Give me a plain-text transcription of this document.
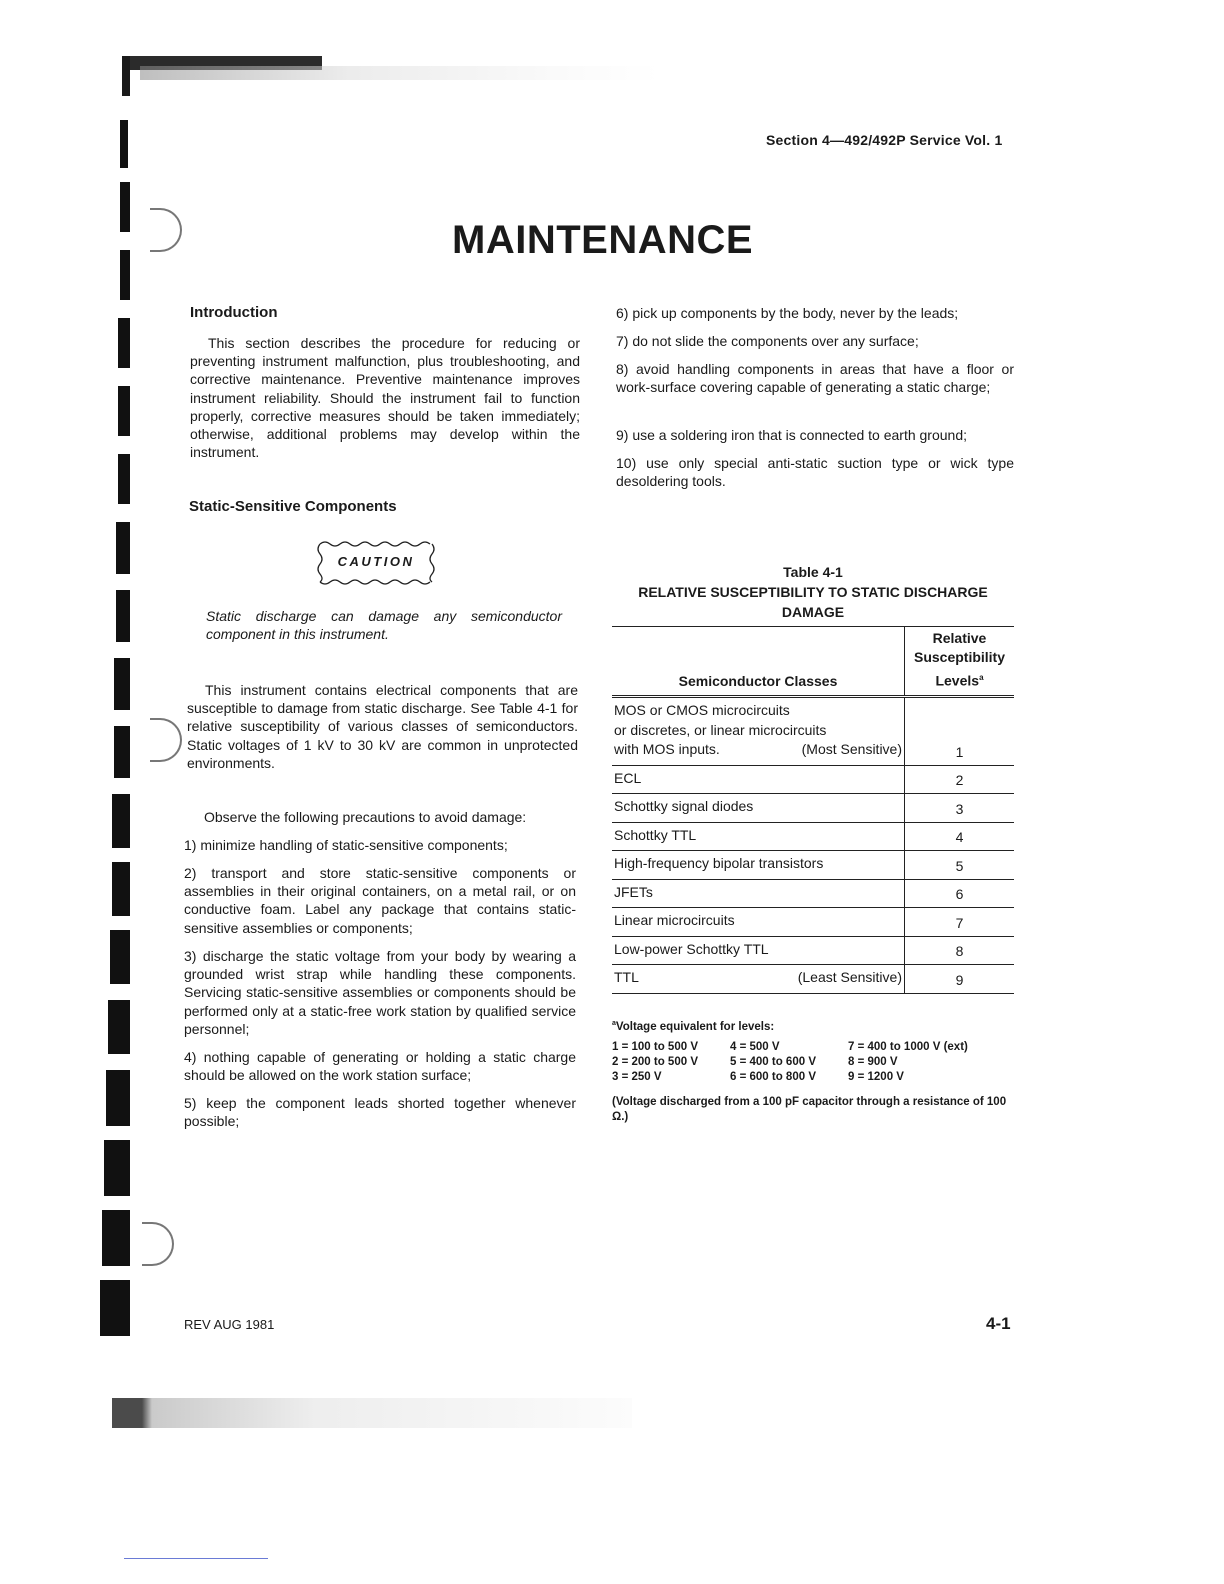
Section 4—492/492P Service Vol. 1
MAINTENANCE
Introduction
This section describes the procedure for reducing or preventing instrument malfunction, plus troubleshooting, and corrective maintenance. Preventive maintenance improves instrument reliability. Should the instrument fail to function properly, corrective measures should be taken immediately; otherwise, additional problems may develop within the instrument.
Static-Sensitive Components
CAUTION
Static discharge can damage any semiconductor component in this instrument.
This instrument contains electrical components that are susceptible to damage from static discharge. See Table 4-1 for relative susceptibility of various classes of semiconductors. Static voltages of 1 kV to 30 kV are common in unprotected environments.
Observe the following precautions to avoid damage:
1) minimize handling of static-sensitive components;
2) transport and store static-sensitive components or assemblies in their original containers, on a metal rail, or on conductive foam. Label any package that contains static-sensitive assemblies or components;
3) discharge the static voltage from your body by wearing a grounded wrist strap while handling these components. Servicing static-sensitive assemblies or components should be performed only at a static-free work station by qualified service personnel;
4) nothing capable of generating or holding a static charge should be allowed on the work station surface;
5) keep the component leads shorted together whenever possible;
6) pick up components by the body, never by the leads;
7) do not slide the components over any surface;
8) avoid handling components in areas that have a floor or work-surface covering capable of generating a static charge;
9) use a soldering iron that is connected to earth ground;
10) use only special anti-static suction type or wick type desoldering tools.
Table 4-1
RELATIVE SUSCEPTIBILITY TO STATIC DISCHARGE DAMAGE
Semiconductor Classes	Relative Susceptibility Levels$^a$

MOS or CMOS microcircuits
or discretes, or linear microcircuits
with MOS inputs. (Most Sensitive)	1
ECL	2
Schottky signal diodes	3
Schottky TTL	4
High-frequency bipolar transistors	5
JFETs	6
Linear microcircuits	7
Low-power Schottky TTL	8

TTL (Least Sensitive)	9
$^a$Voltage equivalent for levels:
1 = 100 to 500 V	4 = 500 V	7 = 400 to 1000 V (ext)
2 = 200 to 500 V	5 = 400 to 600 V	8 = 900 V
3 = 250 V	6 = 600 to 800 V	9 = 1200 V
(Voltage discharged from a 100 pF capacitor through a resistance of 100 Ω.)
REV AUG 1981	4-1
